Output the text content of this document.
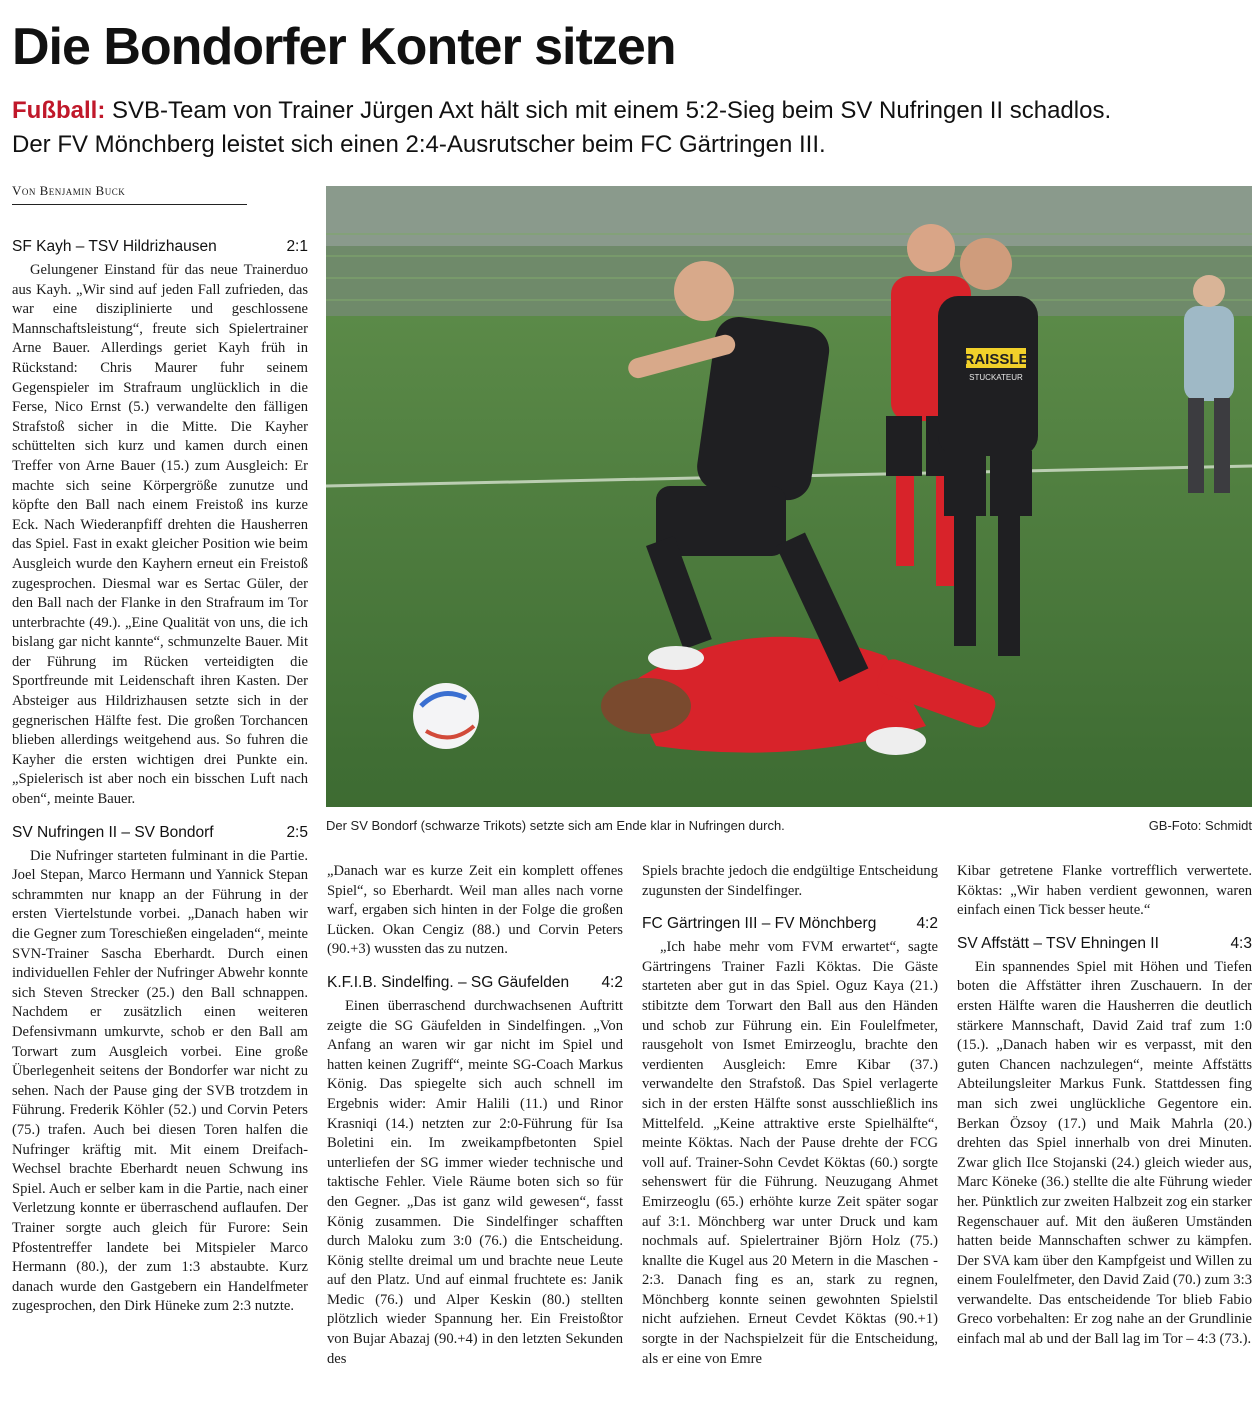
Die Bondorfer Konter sitzen
Fußball: SVB-Team von Trainer Jürgen Axt hält sich mit einem 5:2-Sieg beim SV Nufringen II schadlos.
Der FV Mönchberg leistet sich einen 2:4-Ausrutscher beim FC Gärtringen III.
Von Benjamin Buck
SF Kayh – TSV Hildrizhausen	2:1

Gelungener Einstand für das neue Trainerduo aus Kayh. „Wir sind auf jeden Fall zufrieden, das war eine disziplinierte und geschlossene Mannschaftsleistung“, freute sich Spielertrainer Arne Bauer. Allerdings geriet Kayh früh in Rückstand: Chris Maurer fuhr seinem Gegenspieler im Strafraum unglücklich in die Ferse, Nico Ernst (5.) verwandelte den fälligen Strafstoß sicher in die Mitte. Die Kayher schüttelten sich kurz und kamen durch einen Treffer von Arne Bauer (15.) zum Ausgleich: Er machte sich seine Körpergröße zunutze und köpfte den Ball nach einem Freistoß ins kurze Eck. Nach Wiederanpfiff drehten die Hausherren das Spiel. Fast in exakt gleicher Position wie beim Ausgleich wurde den Kayhern erneut ein Freistoß zugesprochen. Diesmal war es Sertac Güler, der den Ball nach der Flanke in den Strafraum im Tor unterbrachte (49.). „Eine Qualität von uns, die ich bislang gar nicht kannte“, schmunzelte Bauer. Mit der Führung im Rücken verteidigten die Sportfreunde mit Leidenschaft ihren Kasten. Der Absteiger aus Hildrizhausen setzte sich in der gegnerischen Hälfte fest. Die großen Torchancen blieben allerdings weitgehend aus. So fuhren die Kayher die ersten wichtigen drei Punkte ein. „Spielerisch ist aber noch ein bisschen Luft nach oben“, meinte Bauer.

SV Nufringen II – SV Bondorf	2:5

Die Nufringer starteten fulminant in die Partie. Joel Stepan, Marco Hermann und Yannick Stepan schrammten nur knapp an der Führung in der ersten Viertelstunde vorbei. „Danach haben wir die Gegner zum Toreschießen eingeladen“, meinte SVN-Trainer Sascha Eberhardt. Durch einen individuellen Fehler der Nufringer Abwehr konnte sich Steven Strecker (25.) den Ball schnappen. Nachdem er zusätzlich einen weiteren Defensivmann umkurvte, schob er den Ball am Torwart zum Ausgleich vorbei. Eine große Überlegenheit seitens der Bondorfer war nicht zu sehen. Nach der Pause ging der SVB trotzdem in Führung. Frederik Köhler (52.) und Corvin Peters (75.) trafen. Auch bei diesen Toren halfen die Nufringer kräftig mit. Mit einem Dreifach-Wechsel brachte Eberhardt neuen Schwung ins Spiel. Auch er selber kam in die Partie, nach einer Verletzung konnte er überraschend auflaufen. Der Trainer sorgte auch gleich für Furore: Sein Pfostentreffer landete bei Mitspieler Marco Hermann (80.), der zum 1:3 abstaubte. Kurz danach wurde den Gastgebern ein Handelfmeter zugesprochen, den Dirk Hüneke zum 2:3 nutzte.

„Danach war es kurze Zeit ein komplett offenes Spiel“, so Eberhardt. Weil man alles nach vorne warf, ergaben sich hinten in der Folge die großen Lücken. Okan Cengiz (88.) und Corvin Peters (90.+3) wussten das zu nutzen.

K.F.I.B. Sindelfing. – SG Gäufelden 4:2

Einen überraschend durchwachsenen Auftritt zeigte die SG Gäufelden in Sindelfingen. „Von Anfang an waren wir gar nicht im Spiel und hatten keinen Zugriff“, meinte SG-Coach Markus König. Das spiegelte sich auch schnell im Ergebnis wider: Amir Halili (11.) und Rinor Krasniqi (14.) netzten zur 2:0-Führung für Isa Boletini ein. Im zweikampfbetonten Spiel unterliefen der SG immer wieder technische und taktische Fehler. Viele Räume boten sich so für den Gegner. „Das ist ganz wild gewesen“, fasst König zusammen. Die Sindelfinger schafften durch Maloku zum 3:0 (76.) die Entscheidung. König stellte dreimal um und brachte neue Leute auf den Platz. Und auf einmal fruchtete es: Janik Medic (76.) und Alper Keskin (80.) stellten plötzlich wieder Spannung her. Ein Freistoßtor von Bujar Abazaj (90.+4) in den letzten Sekunden des

Spiels brachte jedoch die endgültige Entscheidung zugunsten der Sindelfinger.

FC Gärtringen III – FV Mönchberg	4:2

„Ich habe mehr vom FVM erwartet“, sagte Gärtringens Trainer Fazli Köktas. Die Gäste starteten aber gut in das Spiel. Oguz Kaya (21.) stibitzte dem Torwart den Ball aus den Händen und schob zur Führung ein. Ein Foulelfmeter, rausgeholt von Ismet Emirzeoglu, brachte den verdienten Ausgleich: Emre Kibar (37.) verwandelte den Strafstoß. Das Spiel verlagerte sich in der ersten Hälfte sonst ausschließlich ins Mittelfeld. „Keine attraktive erste Spielhälfte“, meinte Köktas. Nach der Pause drehte der FCG voll auf. Trainer-Sohn Cevdet Köktas (60.) sorgte sehenswert für die Führung. Neuzugang Ahmet Emirzeoglu (65.) erhöhte kurze Zeit später sogar auf 3:1. Mönchberg war unter Druck und kam nochmals auf. Spielertrainer Björn Holz (75.) knallte die Kugel aus 20 Metern in die Maschen - 2:3. Danach fing es an, stark zu regnen, Mönchberg konnte seinen gewohnten Spielstil nicht aufziehen. Erneut Cevdet Köktas (90.+1) sorgte in der Nachspielzeit für die Entscheidung, als er eine von Emre

Kibar getretene Flanke vortrefflich verwertete. Köktas: „Wir haben verdient gewonnen, waren einfach einen Tick besser heute.“

SV Affstätt – TSV Ehningen II	4:3

Ein spannendes Spiel mit Höhen und Tiefen boten die Affstätter ihren Zuschauern. In der ersten Hälfte waren die Hausherren die deutlich stärkere Mannschaft, David Zaid traf zum 1:0 (15.). „Danach haben wir es verpasst, mit den guten Chancen nachzulegen“, meinte Affstätts Abteilungsleiter Markus Funk. Stattdessen fing man sich zwei unglückliche Gegentore ein. Berkan Özsoy (17.) und Maik Mahrla (20.) drehten das Spiel innerhalb von drei Minuten. Zwar glich Ilce Stojanski (24.) gleich wieder aus, Marc Köneke (36.) stellte die alte Führung wieder her. Pünktlich zur zweiten Halbzeit zog ein starker Regenschauer auf. Mit den äußeren Umständen hatten beide Mannschaften schwer zu kämpfen. Der SVA kam über den Kampfgeist und Willen zu einem Foulelfmeter, den David Zaid (70.) zum 3:3 verwandelte. Das entscheidende Tor blieb Fabio Greco vorbehalten: Er zog nahe an der Grundlinie einfach mal ab und der Ball lag im Tor – 4:3 (73.).

RAISSLE
STUCKATEUR
Der SV Bondorf (schwarze Trikots) setzte sich am Ende klar in Nufringen durch.	GB-Foto: Schmidt
